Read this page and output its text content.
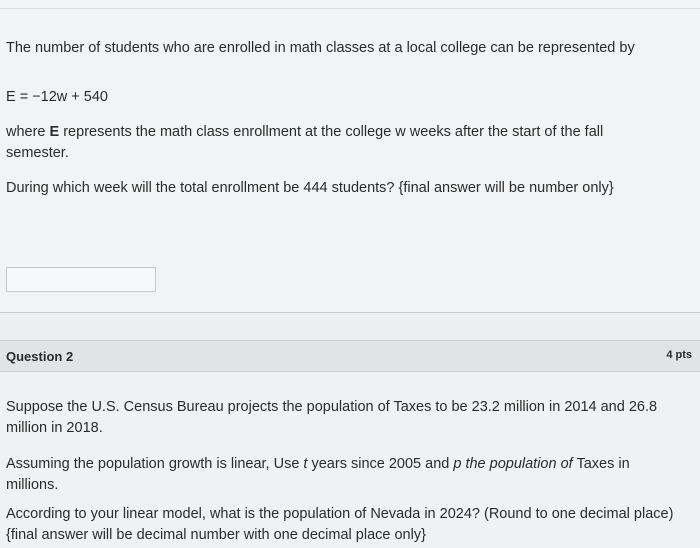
The number of students who are enrolled in math classes at a local college can be represented by
E = −12w + 540
where E represents the math class enrollment at the college w weeks after the start of the fall semester.
During which week will the total enrollment be 444 students? {final answer will be number only}
Question 2	4 pts
Suppose the U.S. Census Bureau projects the population of Taxes to be 23.2 million in 2014 and 26.8 million in 2018.
Assuming the population growth is linear, Use t years since 2005 and p the population of Taxes in millions.
According to your linear model, what is the population of Nevada in 2024? (Round to one decimal place) {final answer will be decimal number with one decimal place only}
